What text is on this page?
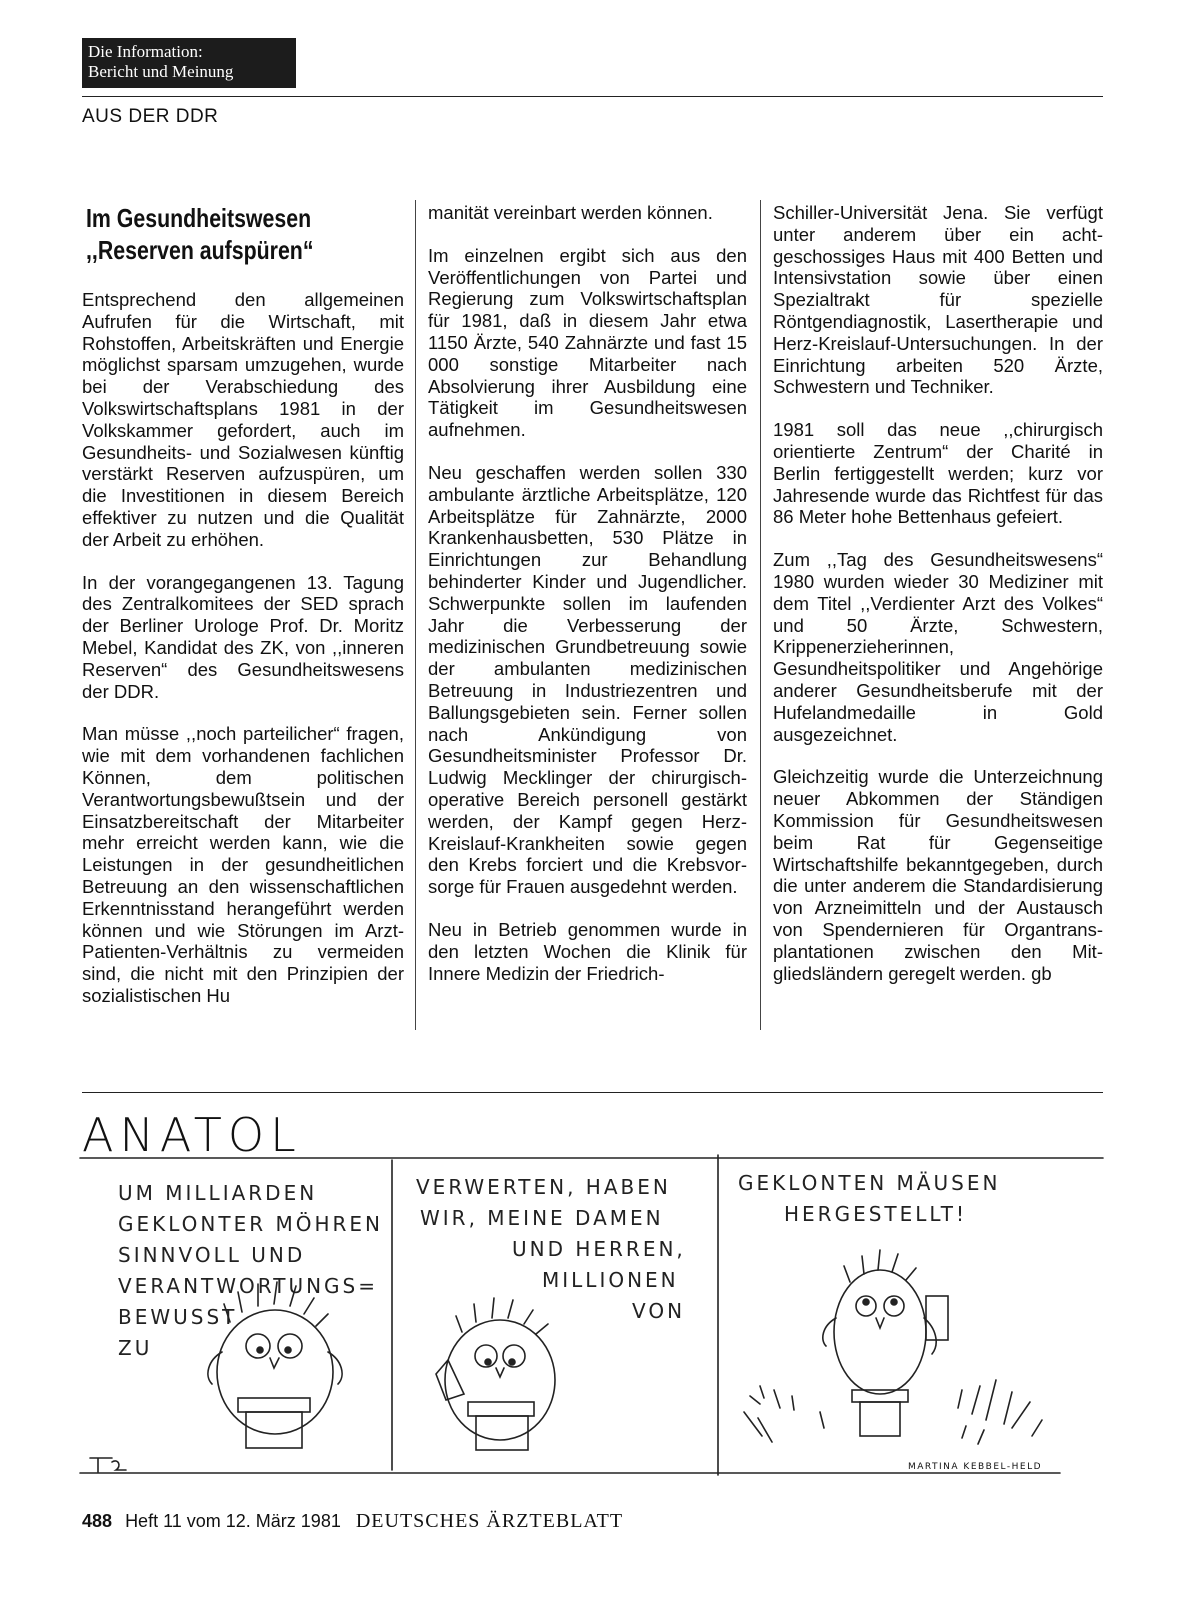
Die Information:
Bericht und Meinung
AUS DER DDR
Im Gesundheitswesen
,,Reserven aufspüren“

Entsprechend den allgemeinen Aufrufen für die Wirtschaft, mit Rohstoffen, Arbeitskräften und Energie möglichst sparsam umzugehen, wurde bei der Verabschiedung des Volkswirtschaftsplans 1981 in der Volkskammer gefordert, auch im Gesundheits- und Sozialwesen künftig verstärkt Reserven aufzuspüren, um die Investitionen in diesem Bereich effektiver zu nutzen und die Qualität der Arbeit zu erhöhen.

In der vorangegangenen 13. Tagung des Zentralkomitees der SED sprach der Berliner Urologe Prof. Dr. Moritz Mebel, Kandidat des ZK, von ,,inneren Reserven“ des Gesundheitswesens der DDR.

Man müsse ,,noch parteilicher“ fragen, wie mit dem vorhandenen fachlichen Können, dem politischen Verantwortungsbewußtsein und der Einsatzbereitschaft der Mitarbeiter mehr erreicht werden kann, wie die Leistungen in der gesundheitlichen Betreuung an den wissenschaftlichen Erkenntnisstand herangeführt werden können und wie Störungen im Arzt-Patienten-Verhältnis zu vermeiden sind, die nicht mit den Prinzipien der sozialistischen Hu

manität vereinbart werden können.

Im einzelnen ergibt sich aus den Veröffentlichungen von Partei und Regierung zum Volkswirtschaftsplan für 1981, daß in diesem Jahr etwa 1150 Ärzte, 540 Zahnärzte und fast 15 000 sonstige Mitarbeiter nach Absolvierung ihrer Ausbildung eine Tätigkeit im Gesundheitswesen aufnehmen.

Neu geschaffen werden sollen 330 ambulante ärztliche Arbeitsplätze, 120 Arbeitsplätze für Zahnärzte, 2000 Krankenhausbetten, 530 Plätze in Einrichtungen zur Behandlung behinderter Kinder und Jugendlicher. Schwerpunkte sollen im laufenden Jahr die Verbesserung der medizinischen Grundbetreuung sowie der ambulanten medizinischen Betreuung in Industriezentren und Ballungsgebieten sein. Ferner sollen nach Ankündigung von Gesundheitsminister Professor Dr. Ludwig Mecklinger der chirurgisch-operative Bereich personell gestärkt werden, der Kampf gegen Herz-Kreislauf-Krankheiten sowie gegen den Krebs forciert und die Krebsvorsorge für Frauen ausgedehnt werden.

Neu in Betrieb genommen wurde in den letzten Wochen die Klinik für Innere Medizin der Friedrich-

Schiller-Universität Jena. Sie verfügt unter anderem über ein achtgeschossiges Haus mit 400 Betten und Intensivstation sowie über einen Spezialtrakt für spezielle Röntgendiagnostik, Lasertherapie und Herz-Kreislauf-Untersuchungen. In der Einrichtung arbeiten 520 Ärzte, Schwestern und Techniker.

1981 soll das neue ,,chirurgisch orientierte Zentrum“ der Charité in Berlin fertiggestellt werden; kurz vor Jahresende wurde das Richtfest für das 86 Meter hohe Bettenhaus gefeiert.

Zum ,,Tag des Gesundheitswesens“ 1980 wurden wieder 30 Mediziner mit dem Titel ,,Verdienter Arzt des Volkes“ und 50 Ärzte, Schwestern, Krippenerzieherinnen, Gesundheitspolitiker und Angehörige anderer Gesundheitsberufe mit der Hufelandmedaille in Gold ausgezeichnet.

Gleichzeitig wurde die Unterzeichnung neuer Abkommen der Ständigen Kommission für Gesundheitswesen beim Rat für Gegenseitige Wirtschaftshilfe bekanntgegeben, durch die unter anderem die Standardisierung von Arzneimitteln und der Austausch von Spendernieren für Organtransplantationen zwischen den Mitgliedsländern geregelt werden. gb

ANATOL
UM MILLIARDEN
GEKLONTER MÖHREN
SINNVOLL UND
VERANTWORTUNGS=
BEWUSST
ZU
VERWERTEN, HABEN
WIR, MEINE DAMEN
UND HERREN,
MILLIONEN
VON
GEKLONTEN MÄUSEN
HERGESTELLT!
MARTINA KEBBEL-HELD
488 Heft 11 vom 12. März 1981 DEUTSCHES ÄRZTEBLATT
